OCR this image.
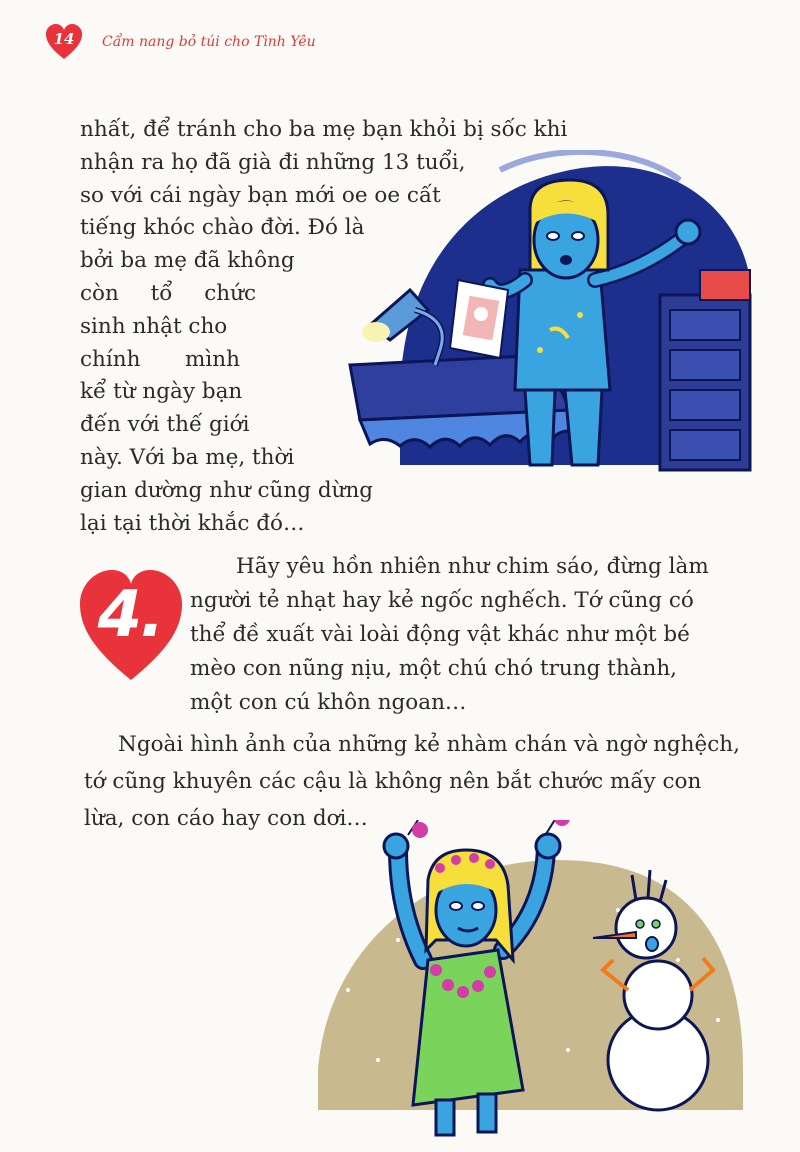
14	Cẩm nang bỏ túi cho Tình Yêu

nhất, để tránh cho ba mẹ bạn khỏi bị sốc khi
nhận ra họ đã già đi những 13 tuổi,
so với cái ngày bạn mới oe oe cất
tiếng khóc chào đời. Đó là
bởi ba mẹ đã không
còn tổ chức
sinh nhật cho
chính mình
kể từ ngày bạn
đến với thế giới
này. Với ba mẹ, thời
gian dường như cũng dừng
lại tại thời khắc đó…

4.

Hãy yêu hồn nhiên như chim sáo, đừng làm
người tẻ nhạt hay kẻ ngốc nghếch. Tớ cũng có
thể đề xuất vài loài động vật khác như một bé
mèo con nũng nịu, một chú chó trung thành,
một con cú khôn ngoan…

Ngoài hình ảnh của những kẻ nhàm chán và ngờ nghệch,
tớ cũng khuyên các cậu là không nên bắt chước mấy con
lừa, con cáo hay con dơi…
